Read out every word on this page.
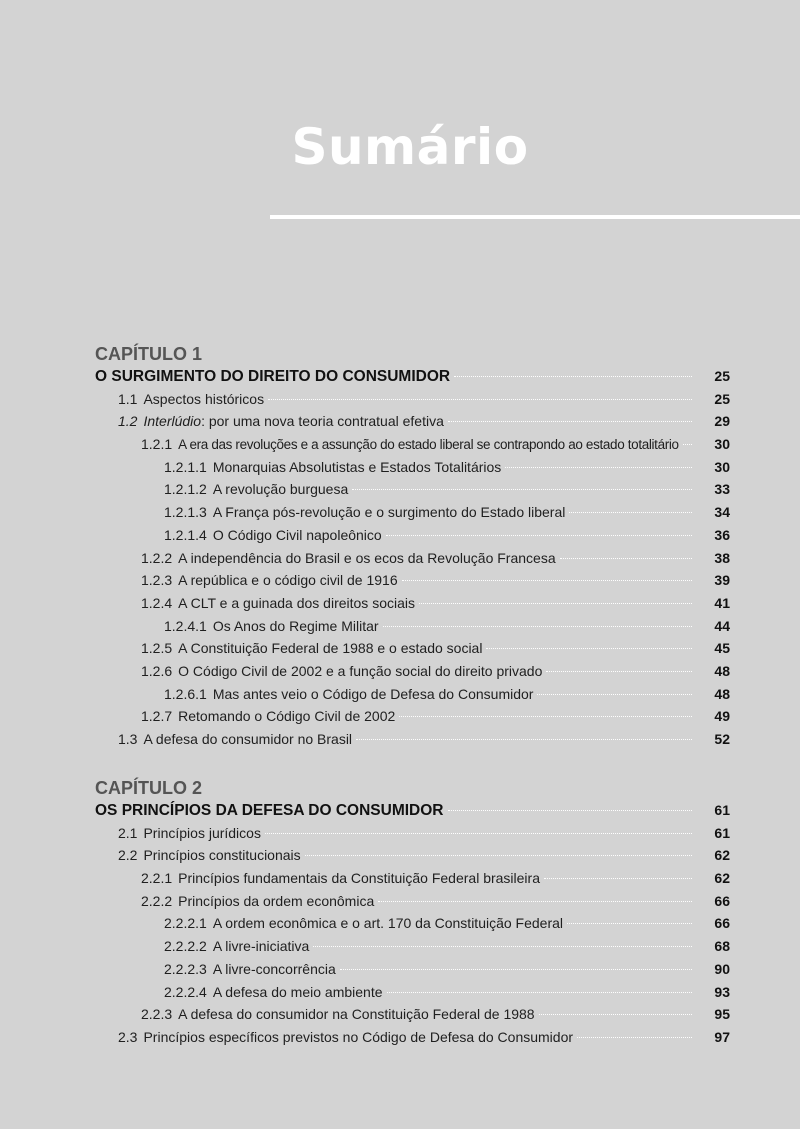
Sumário
CAPÍTULO 1
O SURGIMENTO DO DIREITO DO CONSUMIDOR	25
1.1 Aspectos históricos	25
1.2 Interlúdio: por uma nova teoria contratual efetiva	29
1.2.1 A era das revoluções e a assunção do estado liberal se contrapondo ao estado totalitário	30
1.2.1.1 Monarquias Absolutistas e Estados Totalitários	30
1.2.1.2 A revolução burguesa	33
1.2.1.3 A França pós-revolução e o surgimento do Estado liberal	34
1.2.1.4 O Código Civil napoleônico	36
1.2.2 A independência do Brasil e os ecos da Revolução Francesa	38
1.2.3 A república e o código civil de 1916	39
1.2.4 A CLT e a guinada dos direitos sociais	41
1.2.4.1 Os Anos do Regime Militar	44
1.2.5 A Constituição Federal de 1988 e o estado social	45
1.2.6 O Código Civil de 2002 e a função social do direito privado	48
1.2.6.1 Mas antes veio o Código de Defesa do Consumidor	48
1.2.7 Retomando o Código Civil de 2002	49
1.3 A defesa do consumidor no Brasil	52
CAPÍTULO 2
OS PRINCÍPIOS DA DEFESA DO CONSUMIDOR	61
2.1 Princípios jurídicos	61
2.2 Princípios constitucionais	62
2.2.1 Princípios fundamentais da Constituição Federal brasileira	62
2.2.2 Princípios da ordem econômica	66
2.2.2.1 A ordem econômica e o art. 170 da Constituição Federal	66
2.2.2.2 A livre-iniciativa	68
2.2.2.3 A livre-concorrência	90
2.2.2.4 A defesa do meio ambiente	93
2.2.3 A defesa do consumidor na Constituição Federal de 1988	95
2.3 Princípios específicos previstos no Código de Defesa do Consumidor	97
